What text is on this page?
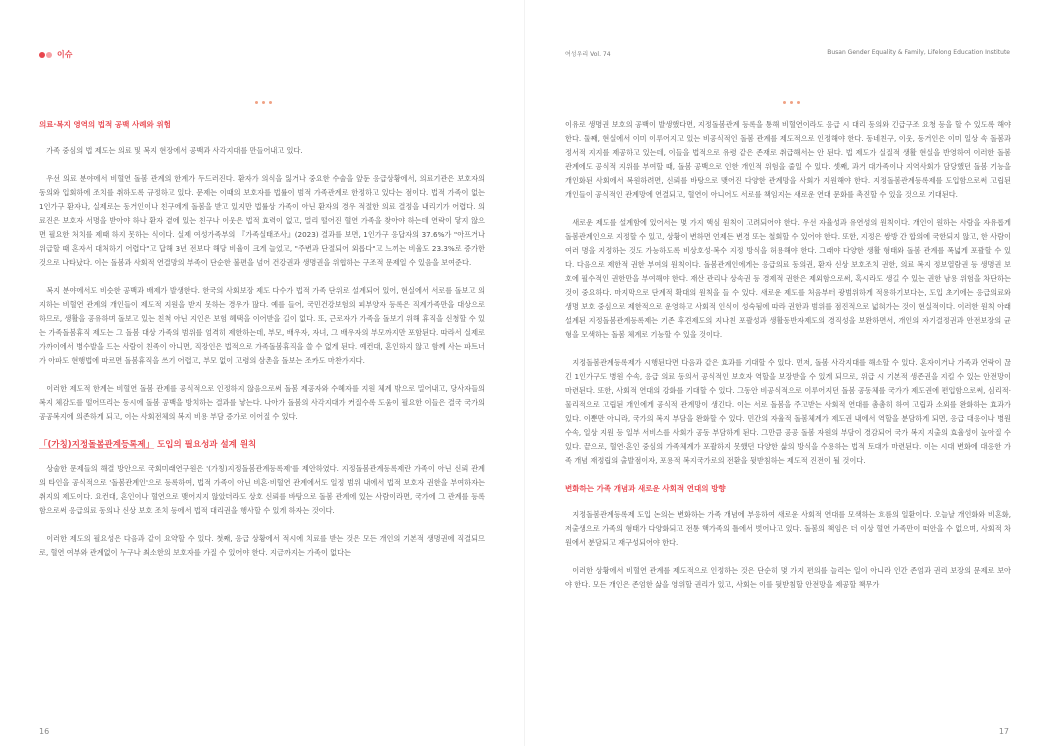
이슈
의료·복지 영역의 법적 공백 사례와 위험

가족 중심의 법 제도는 의료 및 복지 현장에서 공백과 사각지대를 만들어내고 있다.

우선 의료 분야에서 비혈연 돌봄 관계의 한계가 두드러진다. 환자가 의식을 잃거나 중요한 수술을 앞둔 응급상황에서, 의료기관은 보호자의 동의와 입회하에 조치를 취하도록 규정하고 있다. 문제는 이때의 보호자를 법률이 범적 가족관계로 한정하고 있다는 점이다. 법적 가족이 없는 1인가구 환자나, 실제로는 동거인이나 친구에게 돌봄을 받고 있지만 법률상 가족이 아닌 환자의 경우 적절한 의료 결정을 내리기가 어렵다. 의료진은 보호자 서명을 받아야 하나 환자 곁에 있는 친구나 이웃은 법적 효력이 없고, 멀리 떨어진 혈연 가족을 찾아야 하는데 연락이 닿지 않으면 필요한 처치를 제때 하지 못하는 식이다. 실제 여성가족부의 『가족실태조사』(2023) 결과를 보면, 1인가구 응답자의 37.6%가 "아프거나 위급할 때 혼자서 대처하기 어렵다"고 답해 3년 전보다 해당 비율이 크게 늘었고, "주변과 단절되어 외롭다"고 느끼는 비율도 23.3%로 증가한 것으로 나타났다. 이는 돌봄과 사회적 연결망의 부족이 단순한 불편을 넘어 건강권과 생명권을 위협하는 구조적 문제일 수 있음을 보여준다.

복지 분야에서도 비슷한 공백과 배제가 발생한다. 한국의 사회보장 제도 다수가 법적 가족 단위로 설계되어 있어, 현실에서 서로를 돌보고 의지하는 비혈연 관계의 개인들이 제도적 지원을 받지 못하는 경우가 많다. 예를 들어, 국민건강보험의 피부양자 등록은 직계가족만을 대상으로 하므로, 생활을 공유하며 돌보고 있는 친척 아닌 지인은 보험 혜택을 이어받을 길이 없다. 또, 근로자가 가족을 돌보기 위해 휴직을 신청할 수 있는 가족돌봄휴직 제도는 그 돌봄 대상 가족의 범위를 엄격히 제한하는데, 부모, 배우자, 자녀, 그 배우자의 부모까지만 포함된다. 따라서 실제로 가까이에서 병수발을 드는 사람이 친족이 아니면, 직장인은 법적으로 가족돌봄휴직을 쓸 수 없게 된다. 예컨대, 혼인하지 않고 함께 사는 파트너가 아파도 현행법에 따르면 돌봄휴직을 쓰기 어렵고, 부모 없이 고령의 삼촌을 돌보는 조카도 마찬가지다.

이러한 제도적 한계는 비혈연 돌봄 관계를 공식적으로 인정하지 않음으로써 돌봄 제공자와 수혜자를 지원 체계 밖으로 밀어내고, 당사자들의 복지 체감도를 떨어뜨리는 동시에 돌봄 공백을 방치하는 결과를 낳는다. 나아가 돌봄의 사각지대가 커질수록 도움이 필요한 이들은 결국 국가의 공공복지에 의존하게 되고, 이는 사회전체의 복지 비용 부담 증가로 이어질 수 있다.

「(가칭)지정돌봄관계등록제」 도입의 필요성과 설계 원칙

상술한 문제들의 해결 방안으로 국회미래연구원은 '(가칭)지정돌봄관계등록제'를 제안하였다. 지정돌봄관계등록제란 가족이 아닌 신뢰 관계의 타인을 공식적으로 '돌봄관계인'으로 등록하여, 법적 가족이 아닌 비혼·비혈연 관계에서도 일정 범위 내에서 법적 보호자 권한을 부여하자는 취지의 제도이다. 요컨대, 혼인이나 혈연으로 맺어지지 않았더라도 상호 신뢰를 바탕으로 돌봄 관계에 있는 사람이라면, 국가에 그 관계를 등록함으로써 응급의료 동의나 신상 보호 조치 등에서 법적 대리권을 행사할 수 있게 하자는 것이다.

이러한 제도의 필요성은 다음과 같이 요약할 수 있다. 첫째, 응급 상황에서 적시에 치료를 받는 것은 모든 개인의 기본적 생명권에 직결되므로, 혈연 여부와 관계없이 누구나 최소한의 보호자를 가질 수 있어야 한다. 지금까지는 가족이 없다는

16
여성우리 Vol. 74	Busan Gender Equality & Family, Lifelong Education Institute

이유로 생명권 보호의 공백이 발생했다면, 지정돌봄관계 등록을 통해 비혈연이라도 응급 시 대리 동의와 긴급구조 요청 등을 할 수 있도록 해야 한다. 둘째, 현실에서 이미 이루어지고 있는 비공식적인 돌봄 관계를 제도적으로 인정해야 한다. 동네친구, 이웃, 동거인은 이미 일상 속 돌봄과 정서적 지지를 제공하고 있는데, 이들을 법적으로 유령 같은 존재로 취급해서는 안 된다. 법 제도가 실질적 생활 현실을 반영하여 이러한 돌봄 관계에도 공식적 지위를 부여할 때, 돌봄 공백으로 인한 개인적 위험을 줄일 수 있다. 셋째, 과거 대가족이나 지역사회가 담당했던 돌봄 기능을 개인화된 사회에서 복원하려면, 신뢰를 바탕으로 맺어진 다양한 관계망을 사회가 지원해야 한다. 지정돌봄관계등록제를 도입함으로써 고립된 개인들이 공식적인 관계망에 연결되고, 혈연이 아니어도 서로를 책임지는 새로운 연대 문화를 촉진할 수 있을 것으로 기대된다.

새로운 제도를 설계함에 있어서는 몇 가지 핵심 원칙이 고려되어야 한다. 우선 자율성과 유연성의 원칙이다. 개인이 원하는 사람을 자유롭게 돌봄관계인으로 지정할 수 있고, 상황이 변하면 언제든 변경 또는 철회할 수 있어야 한다. 또한, 지정은 쌍방 간 합의에 국한되지 않고, 한 사람이 여러 명을 지정하는 것도 가능하도록 비상호성·복수 지정 방식을 허용해야 한다. 그래야 다양한 생활 형태와 돌봄 관계를 폭넓게 포괄할 수 있다. 다음으로 제한적 권한 부여의 원칙이다. 돌봄관계인에게는 응급의료 동의권, 환자 신상 보호조치 권한, 의료 복지 정보열람권 등 생명권 보호에 필수적인 권한만을 부여해야 한다. 재산 관리나 상속권 등 경제적 권한은 제외함으로써, 혹시라도 생길 수 있는 권한 남용 위험을 차단하는 것이 중요하다. 마지막으로 단계적 확대의 원칙을 들 수 있다. 새로운 제도를 처음부터 광범위하게 적용하기보다는, 도입 초기에는 응급의료와 생명 보호 중심으로 제한적으로 운영하고 사회적 인식이 성숙됨에 따라 권한과 범위를 점진적으로 넓혀가는 것이 현실적이다. 이러한 원칙 아래 설계된 지정돌봄관계등록제는 기존 후견제도의 지나친 포괄성과 생활동반자제도의 경직성을 보완하면서, 개인의 자기결정권과 안전보장의 균형을 모색하는 돌봄 체계로 기능할 수 있을 것이다.

지정돌봄관계등록제가 시행된다면 다음과 같은 효과를 기대할 수 있다. 먼저, 돌봄 사각지대를 해소할 수 있다. 혼자이거나 가족과 연락이 끊긴 1인가구도 병원 수속, 응급 의료 동의서 공식적인 보호자 역할을 보장받을 수 있게 되므로, 위급 시 기본적 생존권을 지킬 수 있는 안전망이 마련된다. 또한, 사회적 연대의 강화를 기대할 수 있다. 그동안 비공식적으로 이루어지던 돌봄 공동체를 국가가 제도권에 편입함으로써, 심리적·물리적으로 고립된 개인에게 공식적 관계망이 생긴다. 이는 서로 돌봄을 주고받는 사회적 연대를 촘촘히 하여 고립과 소외를 완화하는 효과가 있다. 이뿐만 아니라, 국가의 복지 부담을 완화할 수 있다. 민간의 자율적 돌봄체계가 제도권 내에서 역할을 분담하게 되면, 응급 대응이나 병원 수속, 일상 지원 등 일부 서비스를 사회가 공동 부담하게 된다. 그만큼 공공 돌봄 자원의 부담이 경감되어 국가 복지 지출의 효율성이 높아질 수 있다. 끝으로, 혈연·혼인 중심의 가족체계가 포괄하지 못했던 다양한 삶의 방식을 수용하는 법적 토대가 마련된다. 이는 시대 변화에 대응한 가족 개념 재정립의 출발점이자, 포용적 복지국가로의 전환을 뒷받침하는 제도적 진전이 될 것이다.

변화하는 가족 개념과 새로운 사회적 연대의 방향

지정돌봄관계등록제 도입 논의는 변화하는 가족 개념에 부응하여 새로운 사회적 연대를 모색하는 흐름의 일환이다. 오늘날 개인화와 비혼화, 저출생으로 가족의 형태가 다양화되고 전통 핵가족의 틀에서 벗어나고 있다. 돌봄의 책임은 더 이상 혈연 가족만이 떠안을 수 없으며, 사회적 차원에서 분담되고 재구성되어야 한다.

이러한 상황에서 비혈연 관계를 제도적으로 인정하는 것은 단순히 몇 가지 편의를 늘리는 일이 아니라 인간 존엄과 권리 보장의 문제로 보아야 한다. 모든 개인은 존엄한 삶을 영위할 권리가 있고, 사회는 이를 뒷받침할 안전망을 제공할 책무가

17
